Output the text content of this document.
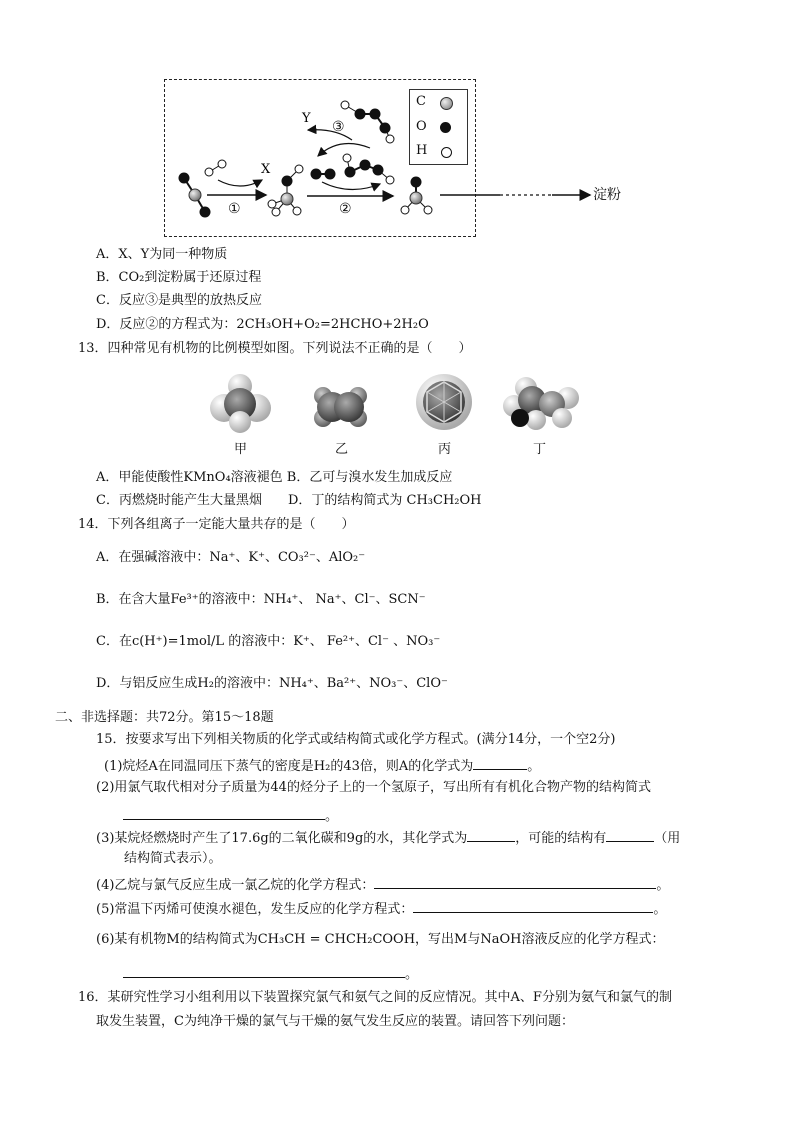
X
Y
①	②
③
淀粉
C
O
H
A．X、Y为同一种物质
B．CO₂到淀粉属于还原过程
C．反应③是典型的放热反应
D．反应②的方程式为：2CH₃OH+O₂=2HCHO+2H₂O
13．四种常见有机物的比例模型如图。下列说法不正确的是（　　）
甲	乙	丙	丁
A．甲能使酸性KMnO₄溶液褪色 B．乙可与溴水发生加成反应
C．丙燃烧时能产生大量黑烟　　D．丁的结构简式为 CH₃CH₂OH
14．下列各组离子一定能大量共存的是（　　）
A．在强碱溶液中：Na⁺、K⁺、CO₃²⁻、AlO₂⁻
B．在含大量Fe³⁺的溶液中：NH₄⁺、 Na⁺、Cl⁻、SCN⁻
C．在c(H⁺)=1mol/L 的溶液中：K⁺、 Fe²⁺、Cl⁻ 、NO₃⁻
D．与铝反应生成H₂的溶液中：NH₄⁺、Ba²⁺、NO₃⁻、ClO⁻
二、非选择题：共72分。第15～18题
15．按要求写出下列相关物质的化学式或结构简式或化学方程式。(满分14分，一个空2分)
(1)烷烃A在同温同压下蒸气的密度是H₂的43倍，则A的化学式为	。
(2)用氯气取代相对分子质量为44的烃分子上的一个氢原子，写出所有有机化合物产物的结构简式
。
(3)某烷烃燃烧时产生了17.6g的二氧化碳和9g的水，其化学式为	，可能的结构有	（用
结构简式表示）。
(4)乙烷与氯气反应生成一氯乙烷的化学方程式：	。
(5)常温下丙烯可使溴水褪色，发生反应的化学方程式：	。
(6)某有机物M的结构简式为CH₃CH = CHCH₂COOH，写出M与NaOH溶液反应的化学方程式：
。
16．某研究性学习小组利用以下装置探究氯气和氨气之间的反应情况。其中A、F分别为氨气和氯气的制
取发生装置，C为纯净干燥的氯气与干燥的氨气发生反应的装置。请回答下列问题：
